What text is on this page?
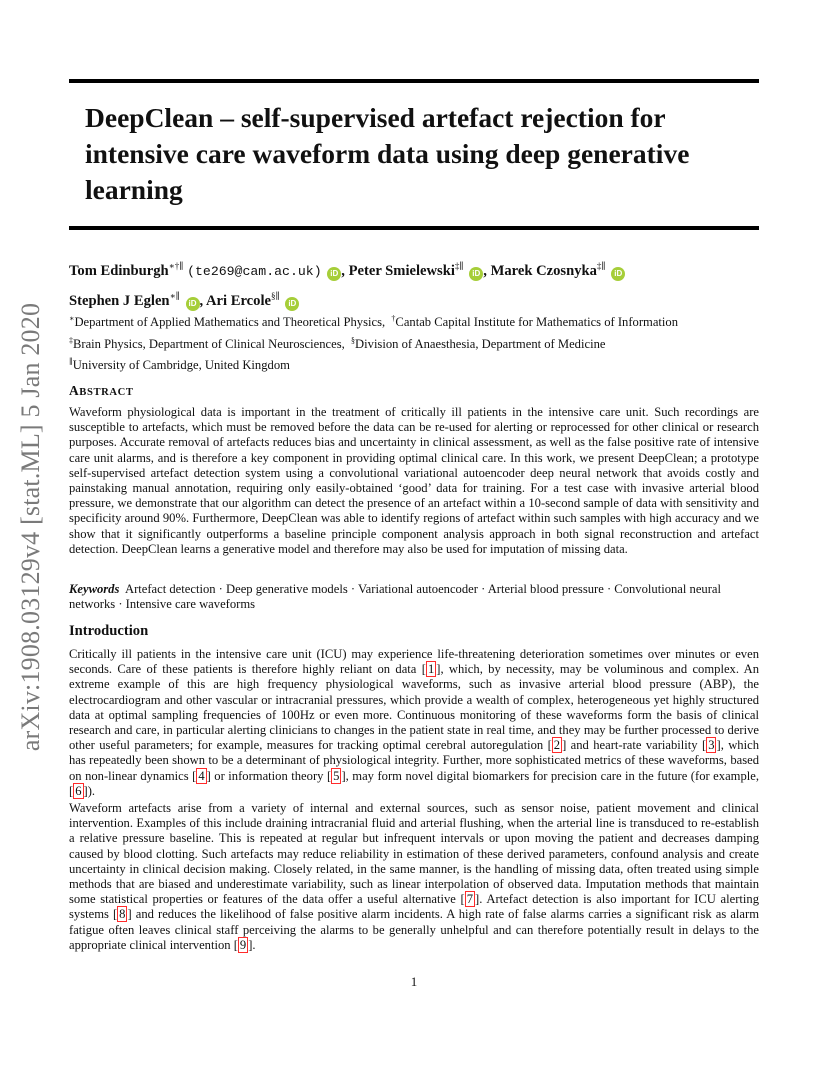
arXiv:1908.03129v4 [stat.ML] 5 Jan 2020
DeepClean – self-supervised artefact rejection for intensive care waveform data using deep generative learning
Tom Edinburgh∗†∥ (te269@cam.ac.uk) iD , Peter Smielewski‡∥ iD , Marek Czosnyka‡∥ iD
Stephen J Eglen∗∥ iD , Ari Ercole§∥ iD
∗Department of Applied Mathematics and Theoretical Physics, †Cantab Capital Institute for Mathematics of Information
‡Brain Physics, Department of Clinical Neurosciences, §Division of Anaesthesia, Department of Medicine
∥University of Cambridge, United Kingdom
ABSTRACT

Waveform physiological data is important in the treatment of critically ill patients in the intensive care unit. Such recordings are susceptible to artefacts, which must be removed before the data can be re-used for alerting or reprocessed for other clinical or research purposes. Accurate removal of artefacts reduces bias and uncertainty in clinical assessment, as well as the false positive rate of intensive care unit alarms, and is therefore a key component in providing optimal clinical care. In this work, we present DeepClean; a prototype self-supervised artefact detection system using a convolutional variational autoencoder deep neural network that avoids costly and painstaking manual annotation, requiring only easily-obtained ‘good’ data for training. For a test case with invasive arterial blood pressure, we demonstrate that our algorithm can detect the presence of an artefact within a 10-second sample of data with sensitivity and specificity around 90%. Furthermore, DeepClean was able to identify regions of artefact within such samples with high accuracy and we show that it significantly outperforms a baseline principle component analysis approach in both signal reconstruction and artefact detection. DeepClean learns a generative model and therefore may also be used for imputation of missing data.

Keywords Artefact detection · Deep generative models · Variational autoencoder · Arterial blood pressure · Convolutional neural networks · Intensive care waveforms
Introduction

Critically ill patients in the intensive care unit (ICU) may experience life-threatening deterioration sometimes over minutes or even seconds. Care of these patients is therefore highly reliant on data [ 1 ], which, by necessity, may be voluminous and complex. An extreme example of this are high frequency physiological waveforms, such as invasive arterial blood pressure (ABP), the electrocardiogram and other vascular or intracranial pressures, which provide a wealth of complex, heterogeneous yet highly structured data at optimal sampling frequencies of 100Hz or even more. Continuous monitoring of these waveforms form the basis of clinical research and care, in particular alerting clinicians to changes in the patient state in real time, and they may be further processed to derive other useful parameters; for example, measures for tracking optimal cerebral autoregulation [ 2 ] and heart-rate variability [ 3 ], which has repeatedly been shown to be a determinant of physiological integrity. Further, more sophisticated metrics of these waveforms, based on non-linear dynamics [ 4 ] or information theory [ 5 ], may form novel digital biomarkers for precision care in the future (for example, [ 6 ]).

Waveform artefacts arise from a variety of internal and external sources, such as sensor noise, patient movement and clinical intervention. Examples of this include draining intracranial fluid and arterial flushing, when the arterial line is transduced to re-establish a relative pressure baseline. This is repeated at regular but infrequent intervals or upon moving the patient and decreases damping caused by blood clotting. Such artefacts may reduce reliability in estimation of these derived parameters, confound analysis and create uncertainty in clinical decision making. Closely related, in the same manner, is the handling of missing data, often treated using simple methods that are biased and underestimate variability, such as linear interpolation of observed data. Imputation methods that maintain some statistical properties or features of the data offer a useful alternative [ 7 ]. Artefact detection is also important for ICU alerting systems [ 8 ] and reduces the likelihood of false positive alarm incidents. A high rate of false alarms carries a significant risk as alarm fatigue often leaves clinical staff perceiving the alarms to be generally unhelpful and can therefore potentially result in delays to the appropriate clinical intervention [ 9 ].

1
